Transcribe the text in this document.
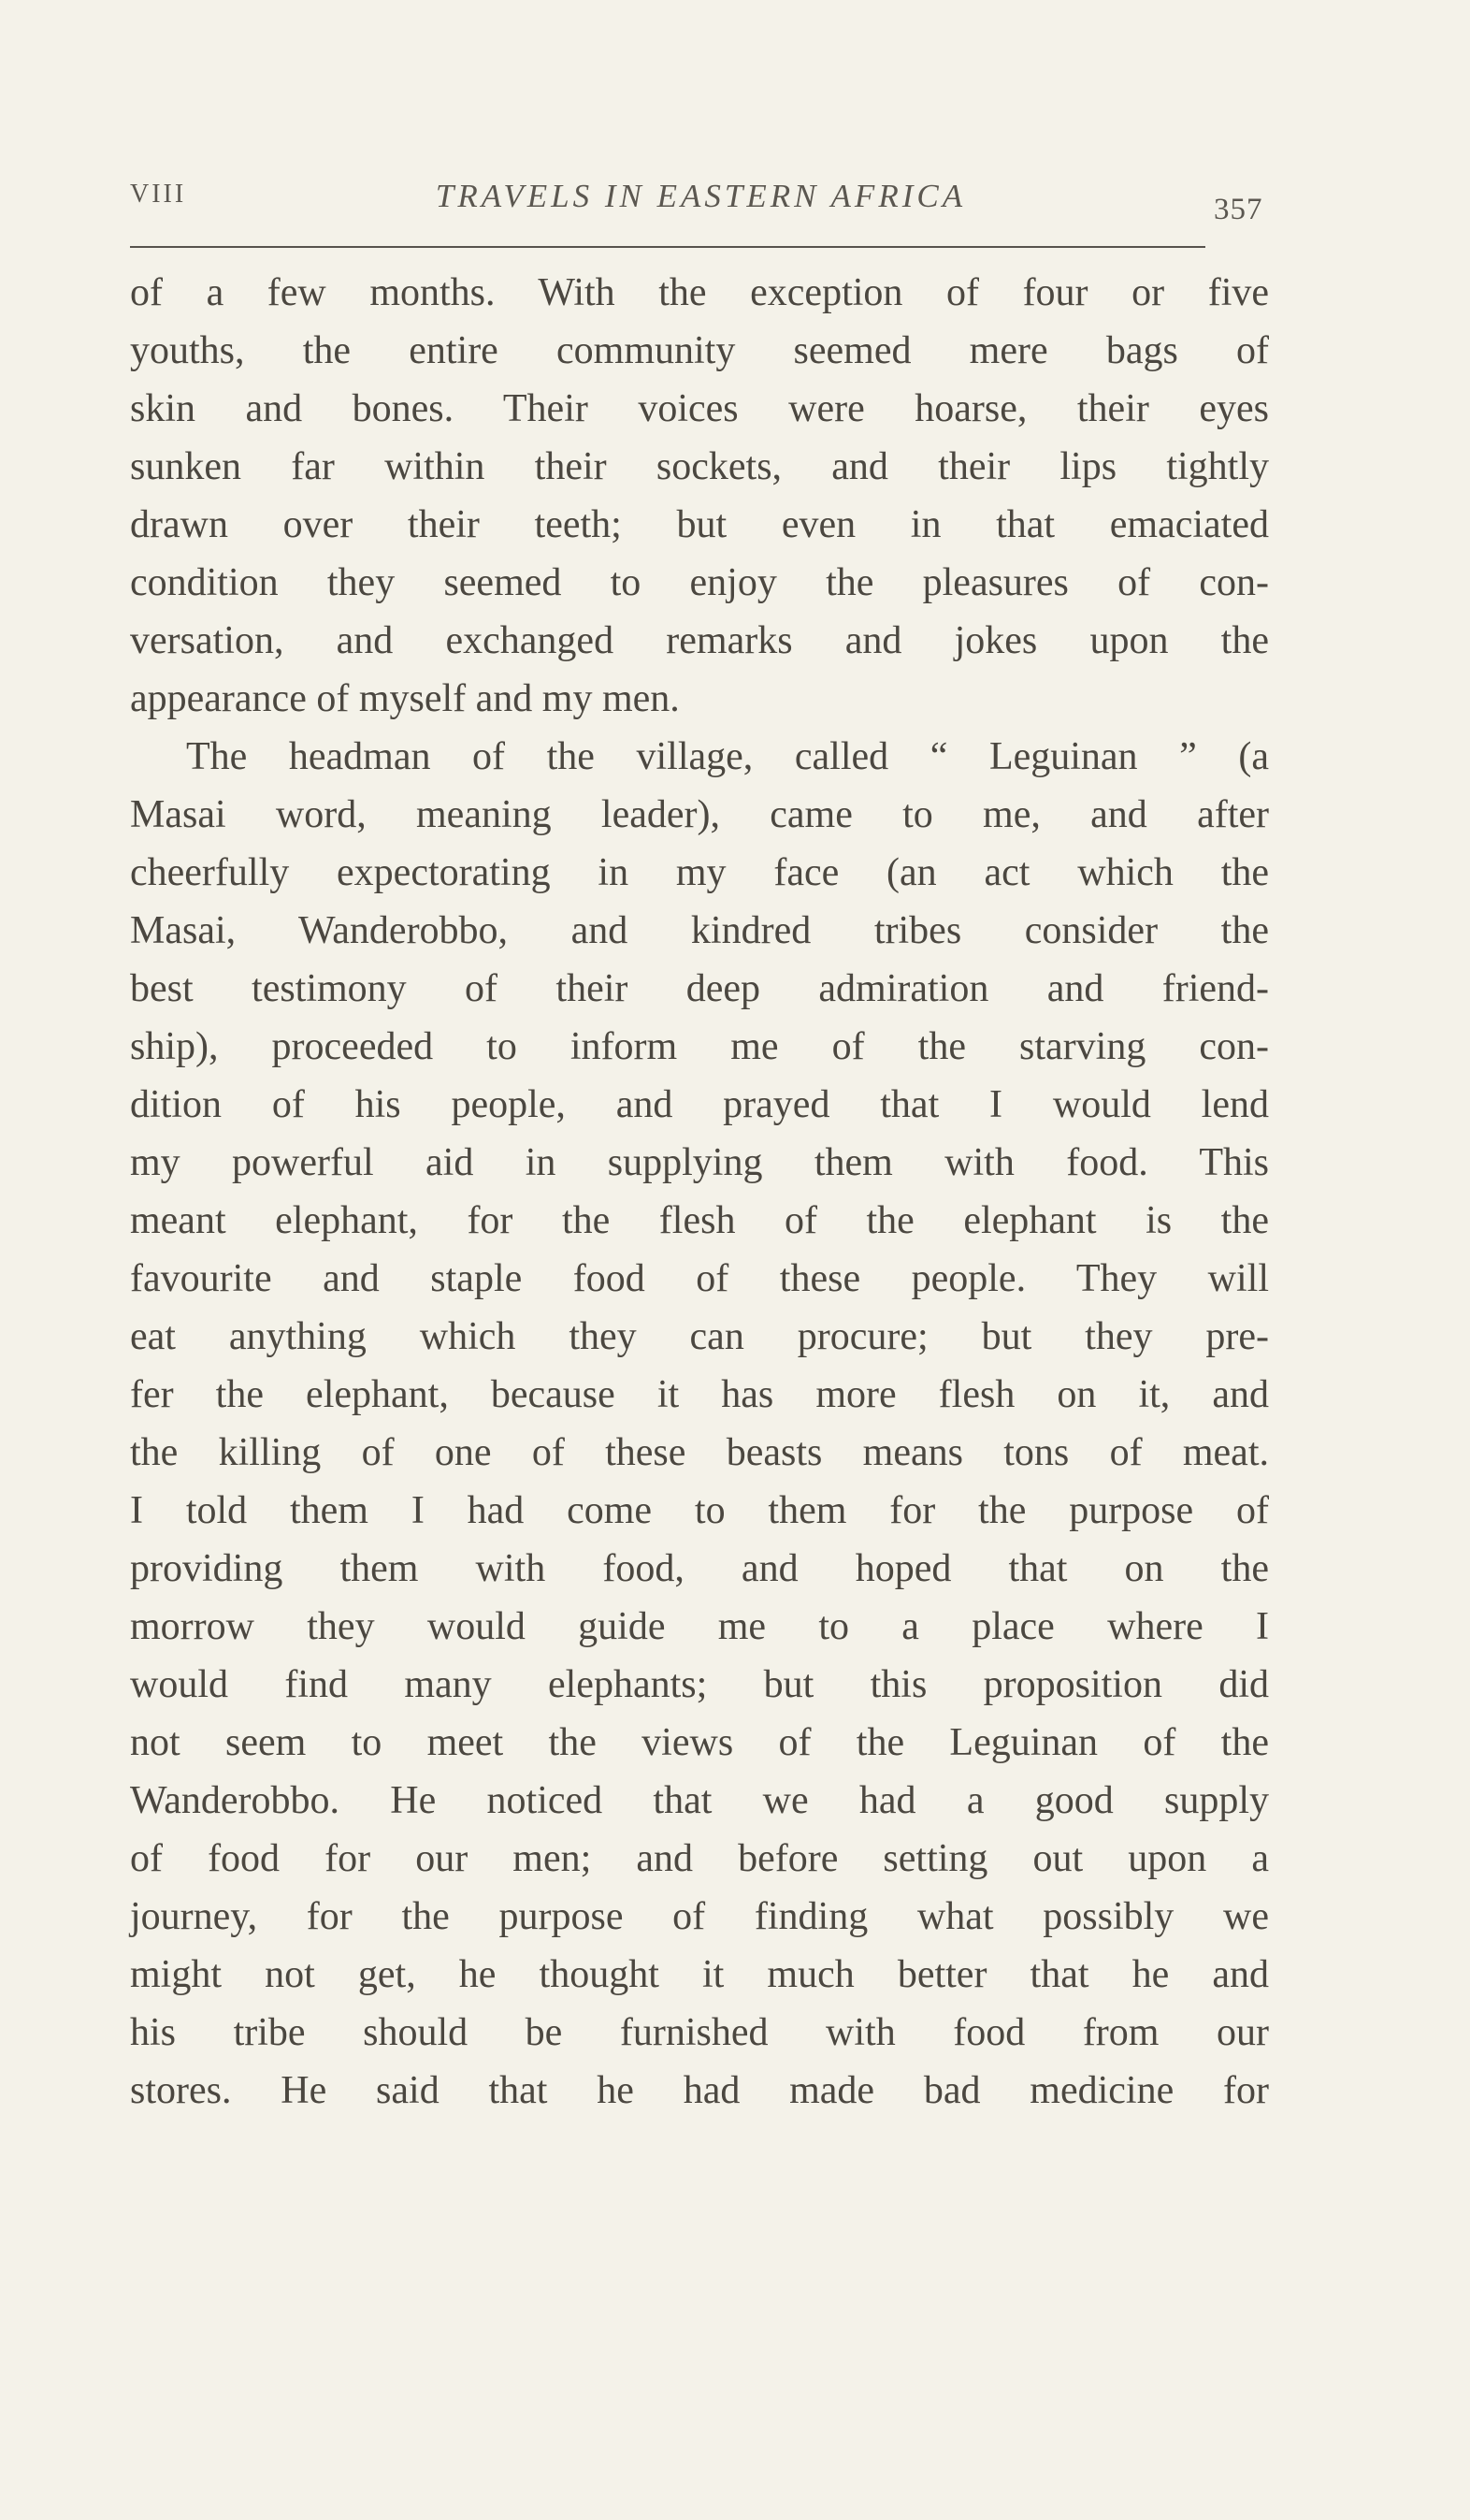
VIII	TRAVELS IN EASTERN AFRICA	357
of a few months. With the exception of four or five
youths, the entire community seemed mere bags of
skin and bones. Their voices were hoarse, their eyes
sunken far within their sockets, and their lips tightly
drawn over their teeth; but even in that emaciated
condition they seemed to enjoy the pleasures of con-
versation, and exchanged remarks and jokes upon the
appearance of myself and my men.
The headman of the village, called “ Leguinan ” (a
Masai word, meaning leader), came to me, and after
cheerfully expectorating in my face (an act which the
Masai, Wanderobbo, and kindred tribes consider the
best testimony of their deep admiration and friend-
ship), proceeded to inform me of the starving con-
dition of his people, and prayed that I would lend
my powerful aid in supplying them with food. This
meant elephant, for the flesh of the elephant is the
favourite and staple food of these people. They will
eat anything which they can procure; but they pre-
fer the elephant, because it has more flesh on it, and
the killing of one of these beasts means tons of meat.
I told them I had come to them for the purpose of
providing them with food, and hoped that on the
morrow they would guide me to a place where I
would find many elephants; but this proposition did
not seem to meet the views of the Leguinan of the
Wanderobbo. He noticed that we had a good supply
of food for our men; and before setting out upon a
journey, for the purpose of finding what possibly we
might not get, he thought it much better that he and
his tribe should be furnished with food from our
stores. He said that he had made bad medicine for
